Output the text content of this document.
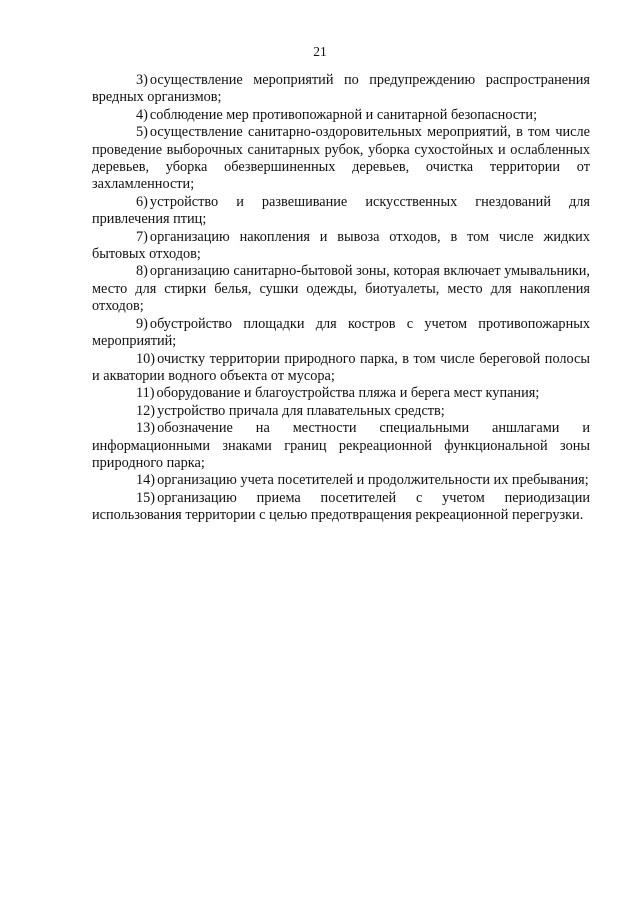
21

3) осуществление мероприятий по предупреждению распространения вредных организмов;

4) соблюдение мер противопожарной и санитарной безопасности;

5) осуществление санитарно-оздоровительных мероприятий, в том числе проведение выборочных санитарных рубок, уборка сухостойных и ослабленных деревьев, уборка обезвершиненных деревьев, очистка территории от захламленности;

6) устройство и развешивание искусственных гнездований для привлечения птиц;

7) организацию накопления и вывоза отходов, в том числе жидких бытовых отходов;

8) организацию санитарно-бытовой зоны, которая включает умывальники, место для стирки белья, сушки одежды, биотуалеты, место для накопления отходов;

9) обустройство площадки для костров с учетом противопожарных мероприятий;

10) очистку территории природного парка, в том числе береговой полосы и акватории водного объекта от мусора;

11) оборудование и благоустройства пляжа и берега мест купания;

12) устройство причала для плавательных средств;

13) обозначение на местности специальными аншлагами и информационными знаками границ рекреационной функциональной зоны природного парка;

14) организацию учета посетителей и продолжительности их пребывания;

15) организацию приема посетителей с учетом периодизации использования территории с целью предотвращения рекреационной перегрузки.
